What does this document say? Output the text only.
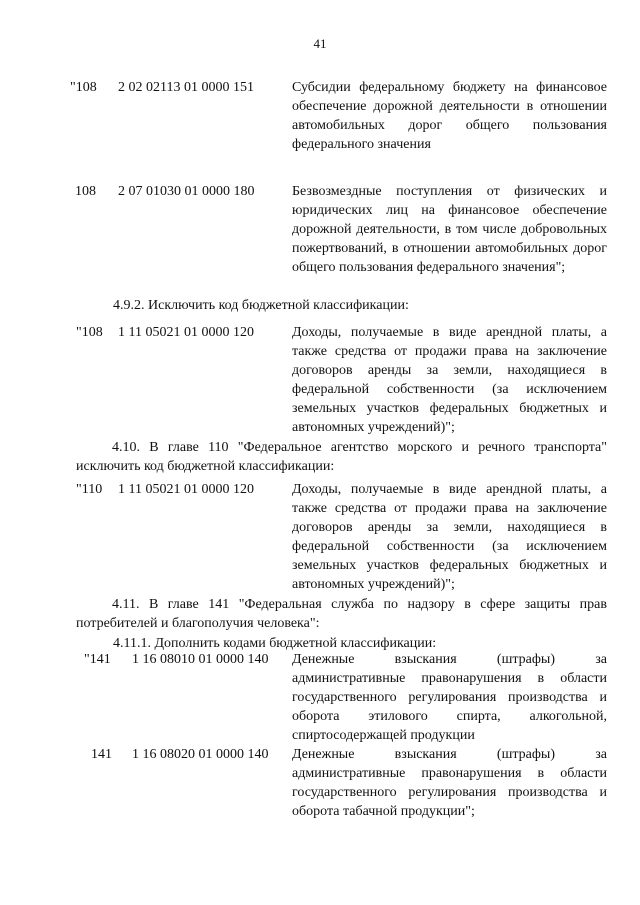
41
"108 2 02 02113 01 0000 151	Субсидии федеральному бюджету на финансовое обеспечение дорожной деятельности в отношении автомобильных дорог общего пользования федерального значения
108 2 07 01030 01 0000 180	Безвозмездные поступления от физических и юридических лиц на финансовое обеспечение дорожной деятельности, в том числе добровольных пожертвований, в отношении автомобильных дорог общего пользования федерального значения";
4.9.2. Исключить код бюджетной классификации:
"108 1 11 05021 01 0000 120	Доходы, получаемые в виде арендной платы, а также средства от продажи права на заключение договоров аренды за земли, находящиеся в федеральной собственности (за исключением земельных участков федеральных бюджетных и автономных учреждений)";
4.10. В главе 110 "Федеральное агентство морского и речного транспорта" исключить код бюджетной классификации:
"110 1 11 05021 01 0000 120	Доходы, получаемые в виде арендной платы, а также средства от продажи права на заключение договоров аренды за земли, находящиеся в федеральной собственности (за исключением земельных участков федеральных бюджетных и автономных учреждений)";
4.11. В главе 141 "Федеральная служба по надзору в сфере защиты прав потребителей и благополучия человека":
4.11.1. Дополнить кодами бюджетной классификации:
"141 1 16 08010 01 0000 140 Денежные взыскания (штрафы) за административные правонарушения в области государственного регулирования производства и оборота этилового спирта, алкогольной, спиртосодержащей продукции
141 1 16 08020 01 0000 140 Денежные взыскания (штрафы) за административные правонарушения в области государственного регулирования производства и оборота табачной продукции";
